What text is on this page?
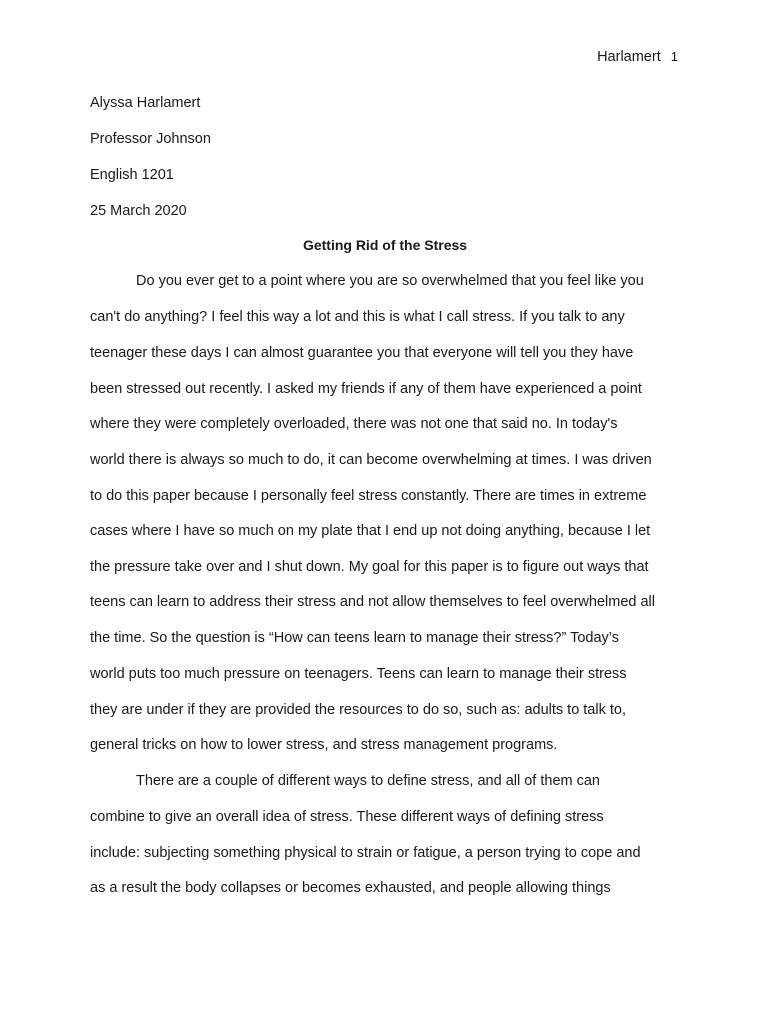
Harlamert 1
Alyssa Harlamert
Professor Johnson
English 1201
25 March 2020
Getting Rid of the Stress
Do you ever get to a point where you are so overwhelmed that you feel like you
can't do anything? I feel this way a lot and this is what I call stress. If you talk to any
teenager these days I can almost guarantee you that everyone will tell you they have
been stressed out recently. I asked my friends if any of them have experienced a point
where they were completely overloaded, there was not one that said no. In today's
world there is always so much to do, it can become overwhelming at times. I was driven
to do this paper because I personally feel stress constantly. There are times in extreme
cases where I have so much on my plate that I end up not doing anything, because I let
the pressure take over and I shut down. My goal for this paper is to figure out ways that
teens can learn to address their stress and not allow themselves to feel overwhelmed all
the time. So the question is “How can teens learn to manage their stress?” Today’s
world puts too much pressure on teenagers. Teens can learn to manage their stress
they are under if they are provided the resources to do so, such as: adults to talk to,
general tricks on how to lower stress, and stress management programs.
There are a couple of different ways to define stress, and all of them can
combine to give an overall idea of stress. These different ways of defining stress
include: subjecting something physical to strain or fatigue, a person trying to cope and
as a result the body collapses or becomes exhausted, and people allowing things
